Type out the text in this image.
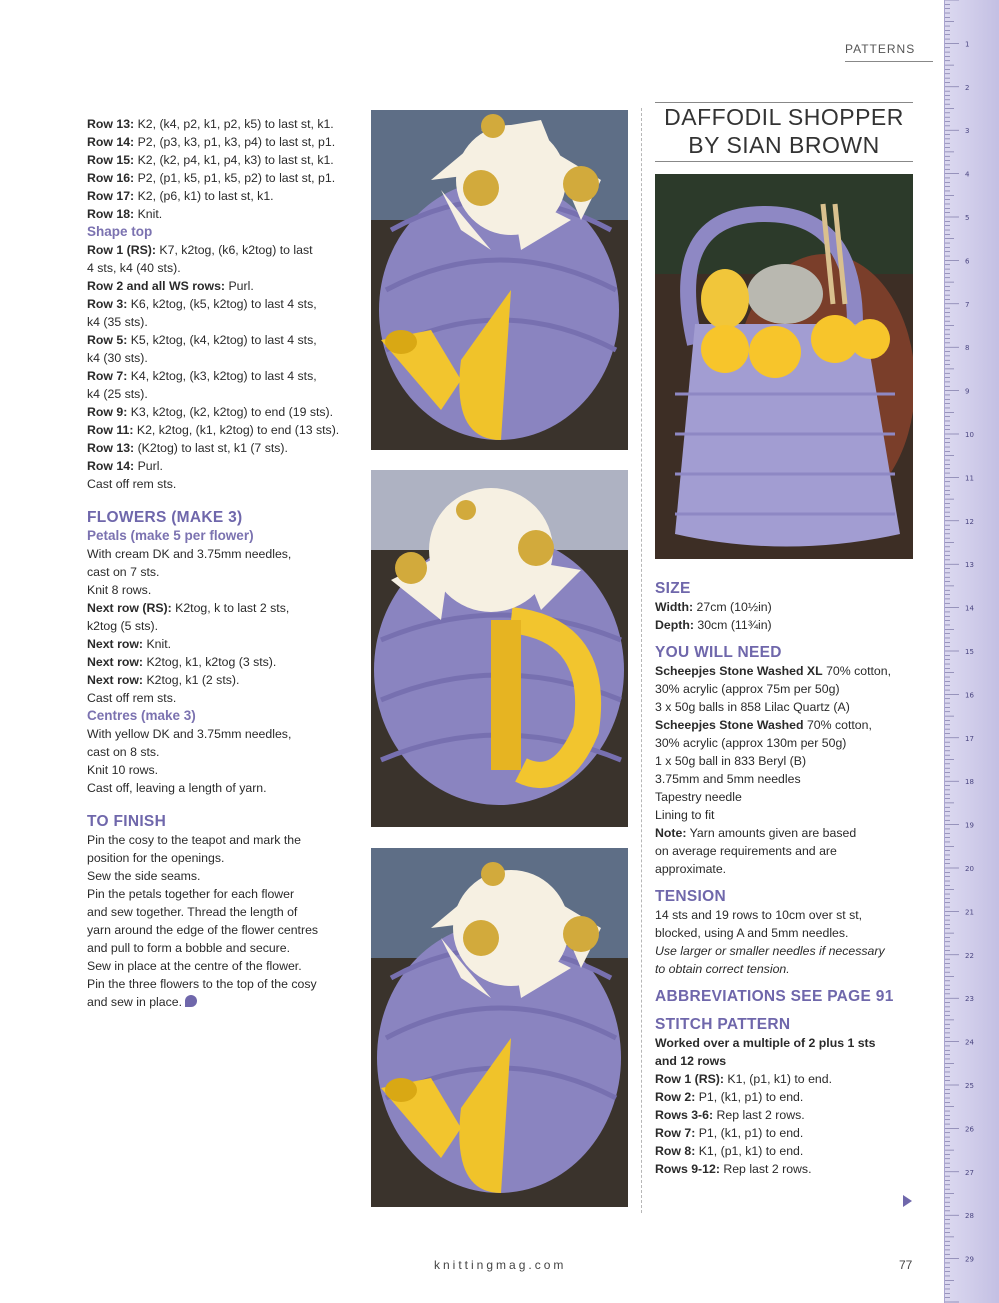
PATTERNS

Row 13: K2, (k4, p2, k1, p2, k5) to last st, k1.

Row 14: P2, (p3, k3, p1, k3, p4) to last st, p1.

Row 15: K2, (k2, p4, k1, p4, k3) to last st, k1.

Row 16: P2, (p1, k5, p1, k5, p2) to last st, p1.

Row 17: K2, (p6, k1) to last st, k1.

Row 18: Knit.

Shape top

Row 1 (RS): K7, k2tog, (k6, k2tog) to last

4 sts, k4 (40 sts).

Row 2 and all WS rows: Purl.

Row 3: K6, k2tog, (k5, k2tog) to last 4 sts,

k4 (35 sts).

Row 5: K5, k2tog, (k4, k2tog) to last 4 sts,

k4 (30 sts).

Row 7: K4, k2tog, (k3, k2tog) to last 4 sts,

k4 (25 sts).

Row 9: K3, k2tog, (k2, k2tog) to end (19 sts).

Row 11: K2, k2tog, (k1, k2tog) to end (13 sts).

Row 13: (K2tog) to last st, k1 (7 sts).

Row 14: Purl.

Cast off rem sts.

FLOWERS (MAKE 3)

Petals (make 5 per flower)

With cream DK and 3.75mm needles,

cast on 7 sts.

Knit 8 rows.

Next row (RS): K2tog, k to last 2 sts,

k2tog (5 sts).

Next row: Knit.

Next row: K2tog, k1, k2tog (3 sts).

Next row: K2tog, k1 (2 sts).

Cast off rem sts.

Centres (make 3)

With yellow DK and 3.75mm needles,

cast on 8 sts.

Knit 10 rows.

Cast off, leaving a length of yarn.

TO FINISH

Pin the cosy to the teapot and mark the

position for the openings.

Sew the side seams.

Pin the petals together for each flower

and sew together. Thread the length of

yarn around the edge of the flower centres

and pull to form a bobble and secure.

Sew in place at the centre of the flower.

Pin the three flowers to the top of the cosy

and sew in place.

DAFFODIL SHOPPER
BY SIAN BROWN

SIZE

Width: 27cm (10½in)

Depth: 30cm (11¾in)

YOU WILL NEED

Scheepjes Stone Washed XL 70% cotton,

30% acrylic (approx 75m per 50g)

3 x 50g balls in 858 Lilac Quartz (A)

Scheepjes Stone Washed 70% cotton,

30% acrylic (approx 130m per 50g)

1 x 50g ball in 833 Beryl (B)

3.75mm and 5mm needles

Tapestry needle

Lining to fit

Note: Yarn amounts given are based

on average requirements and are

approximate.

TENSION

14 sts and 19 rows to 10cm over st st,

blocked, using A and 5mm needles.

Use larger or smaller needles if necessary

to obtain correct tension.

ABBREVIATIONS SEE PAGE 91

STITCH PATTERN

Worked over a multiple of 2 plus 1 sts

and 12 rows

Row 1 (RS): K1, (p1, k1) to end.

Row 2: P1, (k1, p1) to end.

Rows 3-6: Rep last 2 rows.

Row 7: P1, (k1, p1) to end.

Row 8: K1, (p1, k1) to end.

Rows 9-12: Rep last 2 rows.

knittingmag.com	77
1
2
3
4
5
6
7
8
9
10
11
12
13
14
15
16
17
18
19
20
21
22
23
24
25
26
27
28
29
